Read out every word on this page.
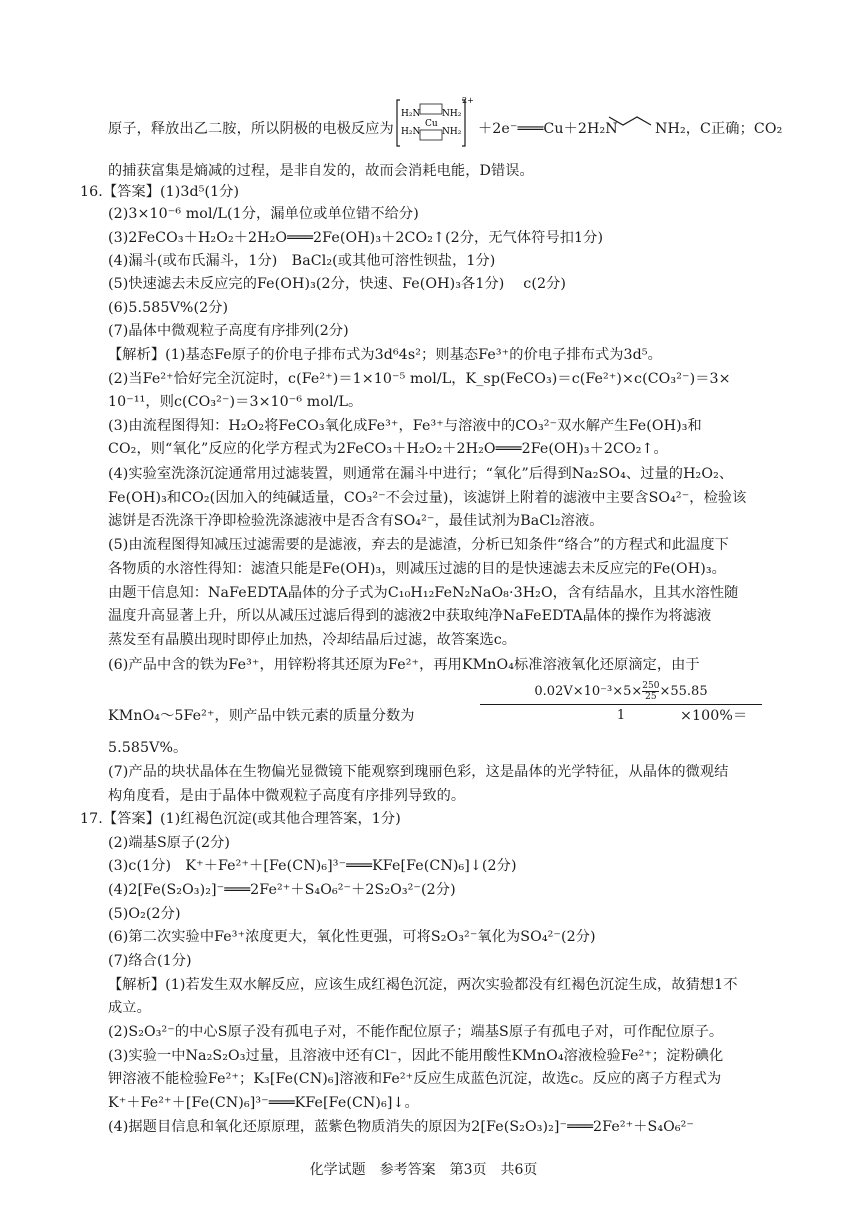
原子，释放出乙二胺，所以阴极的电极反应为
的捕获富集是熵减的过程，是非自发的，故而会消耗电能，D错误。
16.【答案】(1)3d⁵(1分)
(2)3×10⁻⁶ mol/L(1分，漏单位或单位错不给分)
(3)2FeCO₃＋H₂O₂＋2H₂O═══2Fe(OH)₃＋2CO₂↑(2分，无气体符号扣1分)
(4)漏斗(或布氏漏斗，1分)　BaCl₂(或其他可溶性钡盐，1分)
(5)快速滤去未反应完的Fe(OH)₃(2分，快速、Fe(OH)₃各1分)　 c(2分)
(6)5.585V%(2分)
(7)晶体中微观粒子高度有序排列(2分)
【解析】(1)基态Fe原子的价电子排布式为3d⁶4s²；则基态Fe³⁺的价电子排布式为3d⁵。
(2)当Fe²⁺恰好完全沉淀时，c(Fe²⁺)＝1×10⁻⁵ mol/L，K_sp(FeCO₃)＝c(Fe²⁺)×c(CO₃²⁻)＝3×
10⁻¹¹，则c(CO₃²⁻)＝3×10⁻⁶ mol/L。
(3)由流程图得知：H₂O₂将FeCO₃氧化成Fe³⁺，Fe³⁺与溶液中的CO₃²⁻双水解产生Fe(OH)₃和
CO₂，则“氧化”反应的化学方程式为2FeCO₃＋H₂O₂＋2H₂O═══2Fe(OH)₃＋2CO₂↑。
(4)实验室洗涤沉淀通常用过滤装置，则通常在漏斗中进行；“氧化”后得到Na₂SO₄、过量的H₂O₂、
Fe(OH)₃和CO₂(因加入的纯碱适量，CO₃²⁻不会过量)，该滤饼上附着的滤液中主要含SO₄²⁻，检验该
滤饼是否洗涤干净即检验洗涤滤液中是否含有SO₄²⁻，最佳试剂为BaCl₂溶液。
(5)由流程图得知减压过滤需要的是滤液，弃去的是滤渣，分析已知条件“络合”的方程式和此温度下
各物质的水溶性得知：滤渣只能是Fe(OH)₃，则减压过滤的目的是快速滤去未反应完的Fe(OH)₃。
由题干信息知：NaFeEDTA晶体的分子式为C₁₀H₁₂FeN₂NaO₈·3H₂O，含有结晶水，且其水溶性随
温度升高显著上升，所以从减压过滤后得到的滤液2中获取纯净NaFeEDTA晶体的操作为将滤液
蒸发至有晶膜出现时即停止加热，冷却结晶后过滤，故答案选c。
(6)产品中含的铁为Fe³⁺，用锌粉将其还原为Fe²⁺，再用KMnO₄标准溶液氧化还原滴定，由于
KMnO₄～5Fe²⁺，则产品中铁元素的质量分数为
5.585V%。
(7)产品的块状晶体在生物偏光显微镜下能观察到瑰丽色彩，这是晶体的光学特征，从晶体的微观结
构角度看，是由于晶体中微观粒子高度有序排列导致的。
17.【答案】(1)红褐色沉淀(或其他合理答案，1分)
(2)端基S原子(2分)
(3)c(1分)　K⁺＋Fe²⁺＋[Fe(CN)₆]³⁻═══KFe[Fe(CN)₆]↓(2分)
(4)2[Fe(S₂O₃)₂]⁻═══2Fe²⁺＋S₄O₆²⁻＋2S₂O₃²⁻(2分)
(5)O₂(2分)
(6)第二次实验中Fe³⁺浓度更大，氧化性更强，可将S₂O₃²⁻氧化为SO₄²⁻(2分)
(7)络合(1分)
【解析】(1)若发生双水解反应，应该生成红褐色沉淀，两次实验都没有红褐色沉淀生成，故猜想1不
成立。
(2)S₂O₃²⁻的中心S原子没有孤电子对，不能作配位原子；端基S原子有孤电子对，可作配位原子。
(3)实验一中Na₂S₂O₃过量，且溶液中还有Cl⁻，因此不能用酸性KMnO₄溶液检验Fe²⁺；淀粉碘化
钾溶液不能检验Fe²⁺；K₃[Fe(CN)₆]溶液和Fe²⁺反应生成蓝色沉淀，故选c。反应的离子方程式为
K⁺＋Fe²⁺＋[Fe(CN)₆]³⁻═══KFe[Fe(CN)₆]↓。
(4)据题目信息和氧化还原原理，蓝紫色物质消失的原因为2[Fe(S₂O₃)₂]⁻═══2Fe²⁺＋S₄O₆²⁻
＋2e⁻═══Cu＋2H₂N	NH₂，C正确；CO₂
H₂N NH₂
H₂N NH₂
Cu
2+
$0.02V\times 10^{-3}\times 5\times \frac{250}{25} \times 55.85$
1	×100%＝
化学试题　参考答案　第3页　共6页
